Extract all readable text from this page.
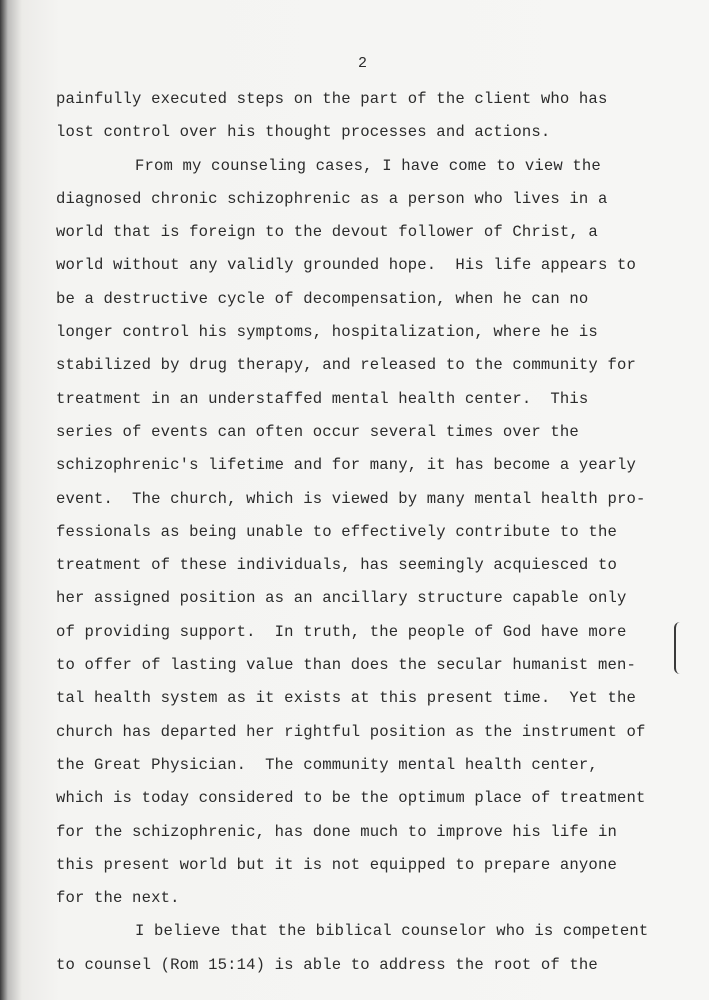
2
painfully executed steps on the part of the client who has
lost control over his thought processes and actions.
From my counseling cases, I have come to view the
diagnosed chronic schizophrenic as a person who lives in a
world that is foreign to the devout follower of Christ, a
world without any validly grounded hope.  His life appears to
be a destructive cycle of decompensation, when he can no
longer control his symptoms, hospitalization, where he is
stabilized by drug therapy, and released to the community for
treatment in an understaffed mental health center.  This
series of events can often occur several times over the
schizophrenic's lifetime and for many, it has become a yearly
event.  The church, which is viewed by many mental health pro-
fessionals as being unable to effectively contribute to the
treatment of these individuals, has seemingly acquiesced to
her assigned position as an ancillary structure capable only
of providing support.  In truth, the people of God have more
to offer of lasting value than does the secular humanist men-
tal health system as it exists at this present time.  Yet the
church has departed her rightful position as the instrument of
the Great Physician.  The community mental health center,
which is today considered to be the optimum place of treatment
for the schizophrenic, has done much to improve his life in
this present world but it is not equipped to prepare anyone
for the next.
I believe that the biblical counselor who is competent
to counsel (Rom 15:14) is able to address the root of the
